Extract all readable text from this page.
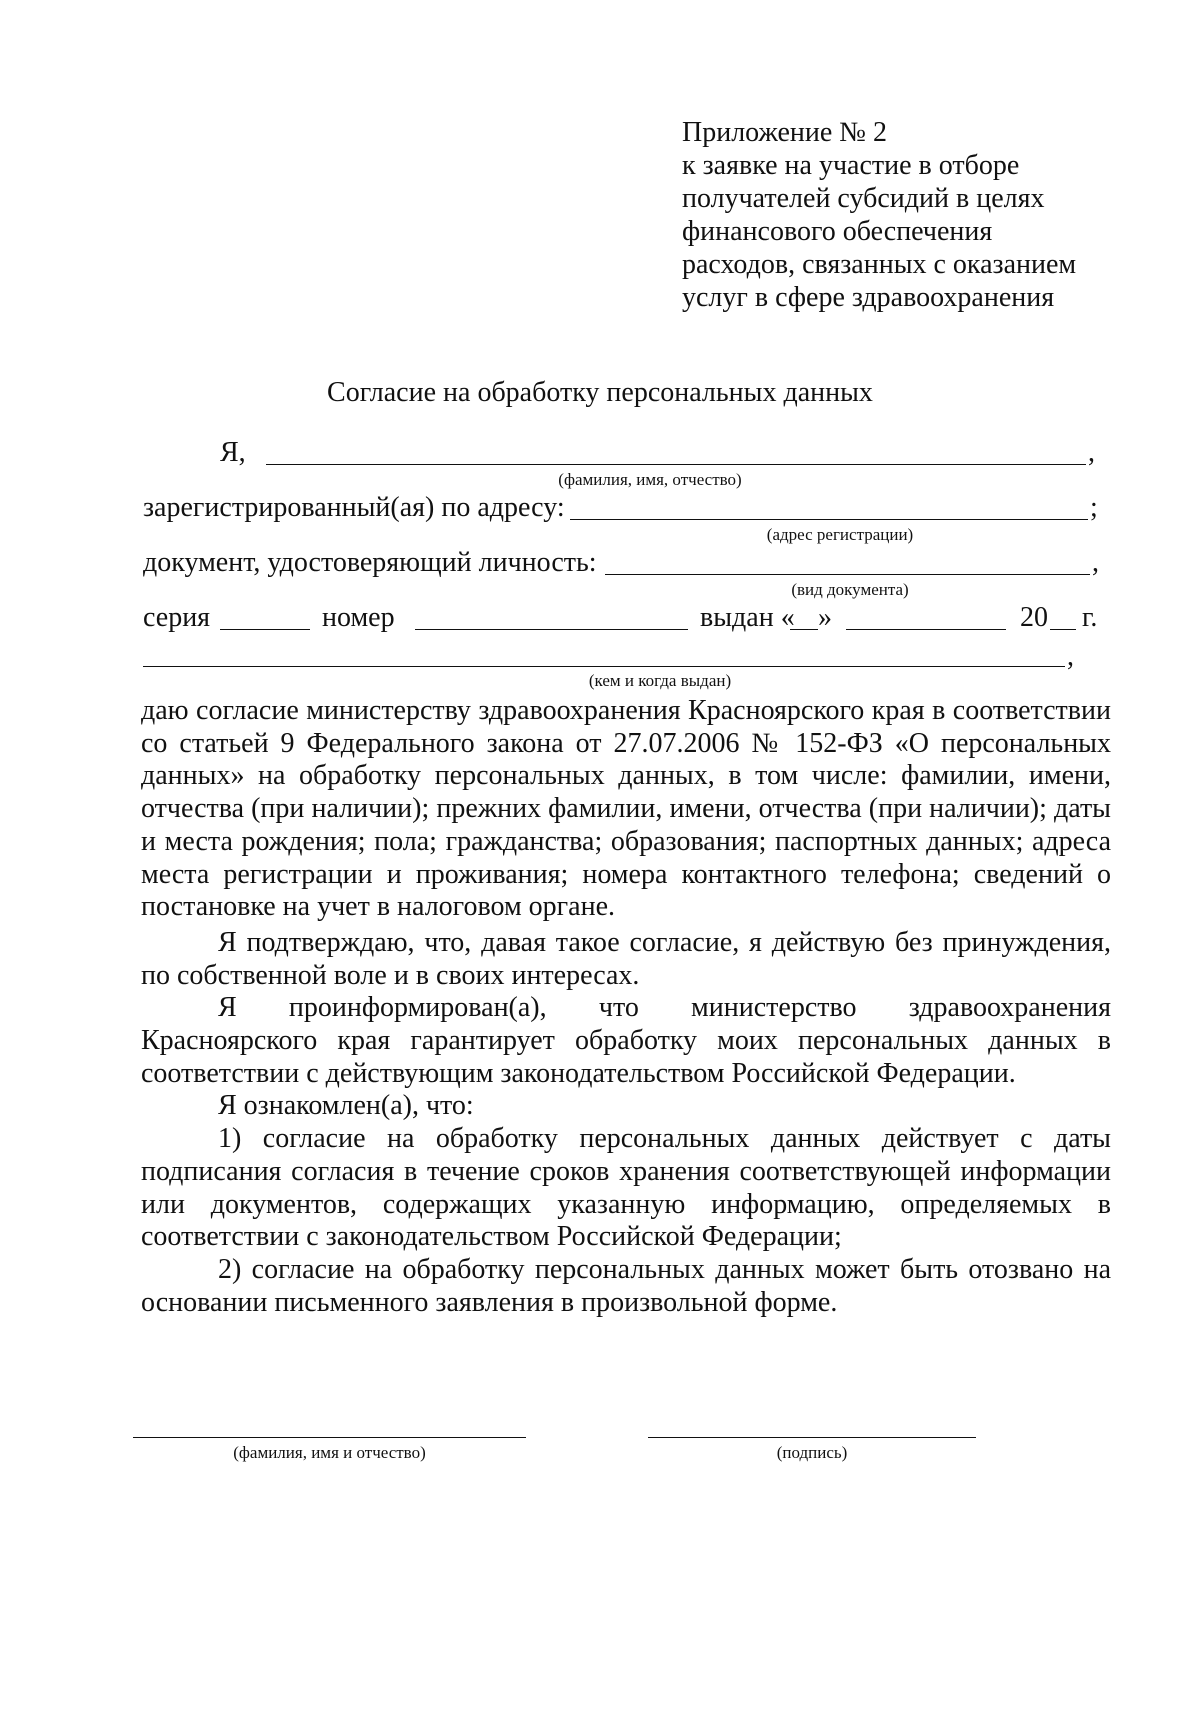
Приложение № 2
к заявке на участие в отборе
получателей субсидий в целях
финансового обеспечения
расходов, связанных с оказанием
услуг в сфере здравоохранения
Согласие на обработку персональных данных
Я,	,
(фамилия, имя, отчество)
зарегистрированный(ая) по адресу:	;
(адрес регистрации)
документ, удостоверяющий личность:	,
(вид документа)
серия	номер	выдан « »	20 г.
,
(кем и когда выдан)

даю согласие министерству здравоохранения Красноярского края в соответствии со статьей 9 Федерального закона от 27.07.2006 № 152-ФЗ «О персональных данных» на обработку персональных данных, в том числе: фамилии, имени, отчества (при наличии); прежних фамилии, имени, отчества (при наличии); даты и места рождения; пола; гражданства; образования; паспортных данных; адреса места регистрации и проживания; номера контактного телефона; сведений о постановке на учет в налоговом органе.

Я подтверждаю, что, давая такое согласие, я действую без принуждения, по собственной воле и в своих интересах.

Я проинформирован(а), что министерство здравоохранения Красноярского края гарантирует обработку моих персональных данных в соответствии с действующим законодательством Российской Федерации.

Я ознакомлен(а), что:

1) согласие на обработку персональных данных действует с даты подписания согласия в течение сроков хранения соответствующей информации или документов, содержащих указанную информацию, определяемых в соответствии с законодательством Российской Федерации;

2) согласие на обработку персональных данных может быть отозвано на основании письменного заявления в произвольной форме.

(фамилия, имя и отчество)	(подпись)
